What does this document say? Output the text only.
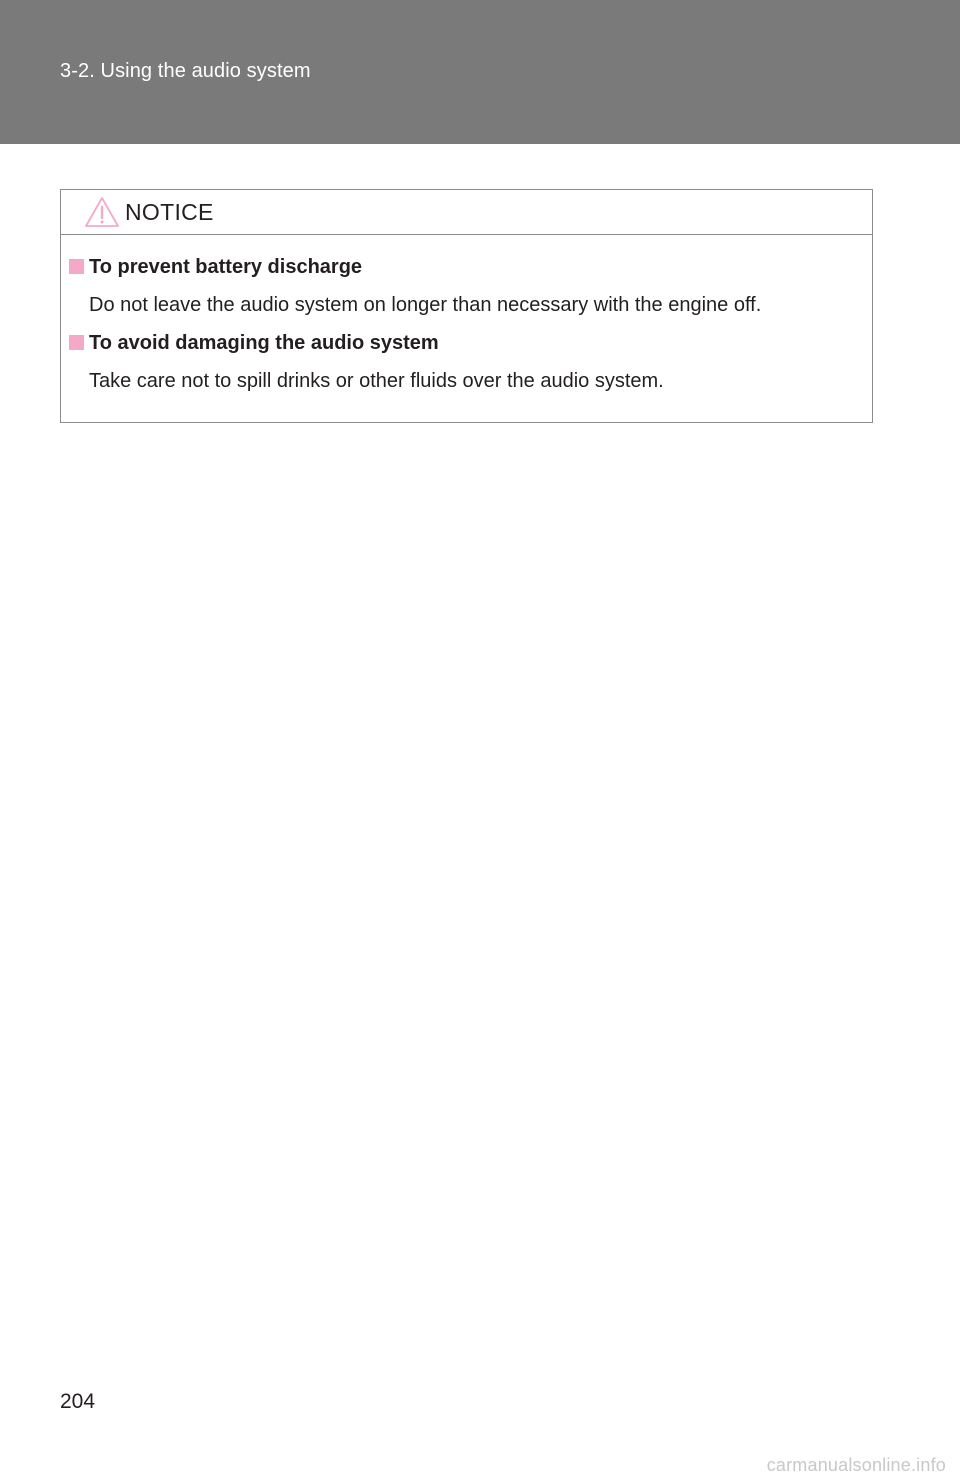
3-2. Using the audio system
NOTICE
To prevent battery discharge
Do not leave the audio system on longer than necessary with the engine off.
To avoid damaging the audio system
Take care not to spill drinks or other fluids over the audio system.
204
carmanualsonline.info
